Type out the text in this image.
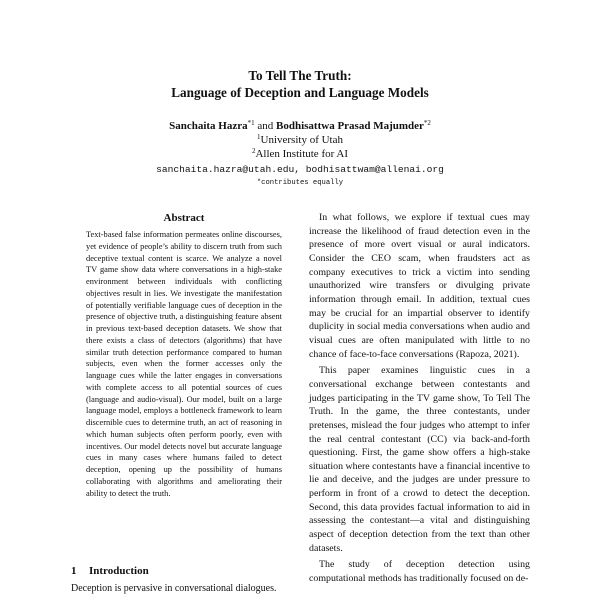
To Tell The Truth:
Language of Deception and Language Models

Sanchaita Hazra$^{*1}$ and Bodhisattwa Prasad Majumder$^{*2}$
$^1$University of Utah
$^2$Allen Institute for AI
sanchaita.hazra@utah.edu, bodhisattwam@allenai.org
*contributes equally

Abstract

Text-based false information permeates online discourses, yet evidence of people’s ability to discern truth from such deceptive textual content is scarce. We analyze a novel TV game show data where conversations in a high-stake environment between individuals with conflicting objectives result in lies. We investigate the manifestation of potentially verifiable language cues of deception in the presence of objective truth, a distinguishing feature absent in previous text-based deception datasets. We show that there exists a class of detectors (algorithms) that have similar truth detection performance compared to human subjects, even when the former accesses only the language cues while the latter engages in conversations with complete access to all potential sources of cues (language and audio-visual). Our model, built on a large language model, employs a bottleneck framework to learn discernible cues to determine truth, an act of reasoning in which human subjects often perform poorly, even with incentives. Our model detects novel but accurate language cues in many cases where humans failed to detect deception, opening up the possibility of humans collaborating with algorithms and ameliorating their ability to detect the truth.

1 Introduction

Deception is pervasive in conversational dialogues.

In what follows, we explore if textual cues may increase the likelihood of fraud detection even in the presence of more overt visual or aural indicators. Consider the CEO scam, when fraudsters act as company executives to trick a victim into sending unauthorized wire transfers or divulging private information through email. In addition, textual cues may be crucial for an impartial observer to identify duplicity in social media conversations when audio and visual cues are often manipulated with little to no chance of face-to-face conversations (Rapoza, 2021).

This paper examines linguistic cues in a conversational exchange between contestants and judges participating in the TV game show, To Tell The Truth. In the game, the three contestants, under pretenses, mislead the four judges who attempt to infer the real central contestant (CC) via back-and-forth questioning. First, the game show offers a high-stake situation where contestants have a financial incentive to lie and deceive, and the judges are under pressure to perform in front of a crowd to detect the deception. Second, this data provides factual information to aid in assessing the contestant—a vital and distinguishing aspect of deception detection from the text than other datasets.

The study of deception detection using computational methods has traditionally focused on de-
